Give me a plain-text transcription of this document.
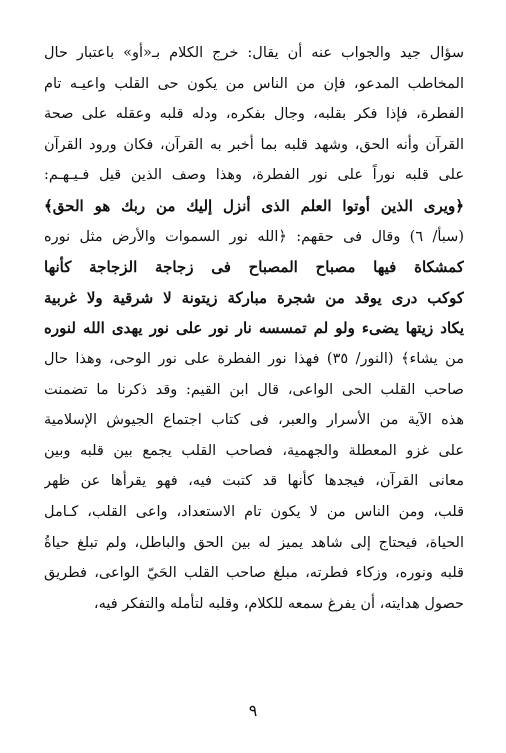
سؤال جيد والجواب عنه أن يقال: خرج الكلام بـ«أو» باعتبار حال
المخاطب المدعو، فإن من الناس من يكون حى القلب واعيـه تام
الفطرة، فإذا فكر بقلبه، وجال بفكره، ودله قلبه وعقله على صحة
القرآن وأنه الحق، وشهد قلبه بما أخبر به القرآن، فكان ورود القرآن
على قلبه نوراً على نور الفطرة، وهذا وصف الذين قيل فـيـهـم:
﴿ويرى الذين أوتوا العلم الذى أنزل إليك من ربك هو الحق﴾
(سبأ/ ٦) وقال فى حقهم: ﴿الله نور السموات والأرض مثل نوره
كمشكاة فيها مصباح المصباح فى زجاجة الزجاجة كأنها
كوكب درى يوقد من شجرة مباركة زيتونة لا شرقية ولا غربية
يكاد زيتها يضىء ولو لم تمسسه نار نور على نور يهدى الله لنوره
من يشاء﴾ (النور/ ٣٥) فهذا نور الفطرة على نور الوحى، وهذا حال
صاحب القلب الحى الواعى، قال ابن القيم: وقد ذكرنا ما تضمنت
هذه الآية من الأسرار والعبر، فى كتاب اجتماع الجيوش الإسلامية
على غزو المعطلة والجهمية، فصاحب القلب يجمع بين قلبه وبين
معانى القرآن، فيجدها كأنها قد كتبت فيه، فهو يقرأها عن ظهر
قلب، ومن الناس من لا يكون تام الاستعداد، واعى القلب، كـامل
الحياة، فيحتاج إلى شاهد يميز له بين الحق والباطل، ولم تبلغ حياةُ
قلبه ونوره، وزكاء فطرته، مبلغ صاحب القلب الحَيّ الواعى، فطريق
حصول هدايته، أن يفرغ سمعه للكلام، وقلبه لتأمله والتفكر فيه،
٩
